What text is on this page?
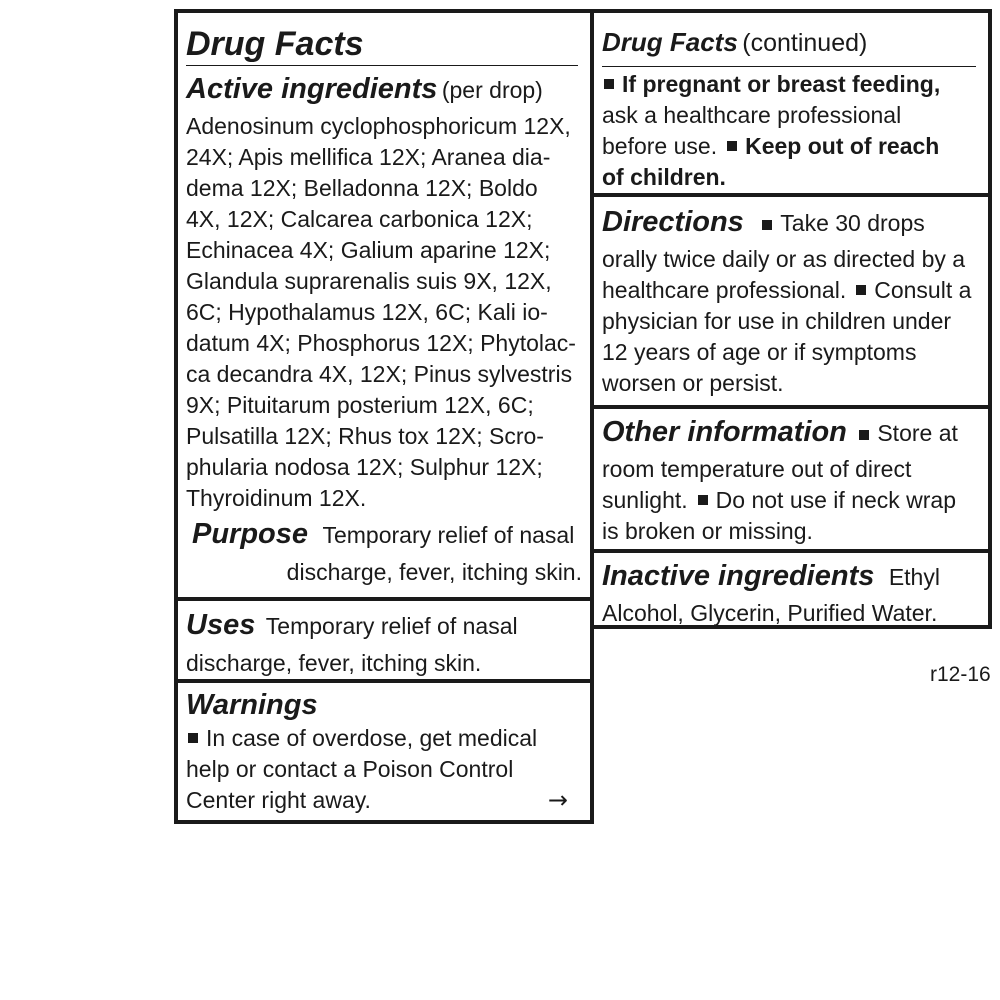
Drug Facts
Active ingredients (per drop)
Adenosinum cyclophosphoricum 12X,
24X; Apis mellifica 12X; Aranea dia-
dema 12X; Belladonna 12X; Boldo
4X, 12X; Calcarea carbonica 12X;
Echinacea 4X; Galium aparine 12X;
Glandula suprarenalis suis 9X, 12X,
6C; Hypothalamus 12X, 6C; Kali io-
datum 4X; Phosphorus 12X; Phytolac-
ca decandra 4X, 12X; Pinus sylvestris
9X; Pituitarum posterium 12X, 6C;
Pulsatilla 12X; Rhus tox 12X; Scro-
phularia nodosa 12X; Sulphur 12X;
Thyroidinum 12X.
Purpose Temporary relief of nasal
discharge, fever, itching skin.
Uses Temporary relief of nasal
discharge, fever, itching skin.
Warnings
In case of overdose, get medical
help or contact a Poison Control
Center right away.	→
Drug Facts (continued)
If pregnant or breast feeding,
ask a healthcare professional
before use. Keep out of reach
of children.
Directions Take 30 drops
orally twice daily or as directed by a
healthcare professional. Consult a
physician for use in children under
12 years of age or if symptoms
worsen or persist.
Other information Store at
room temperature out of direct
sunlight. Do not use if neck wrap
is broken or missing.
Inactive ingredients Ethyl
Alcohol, Glycerin, Purified Water.
r12-16
